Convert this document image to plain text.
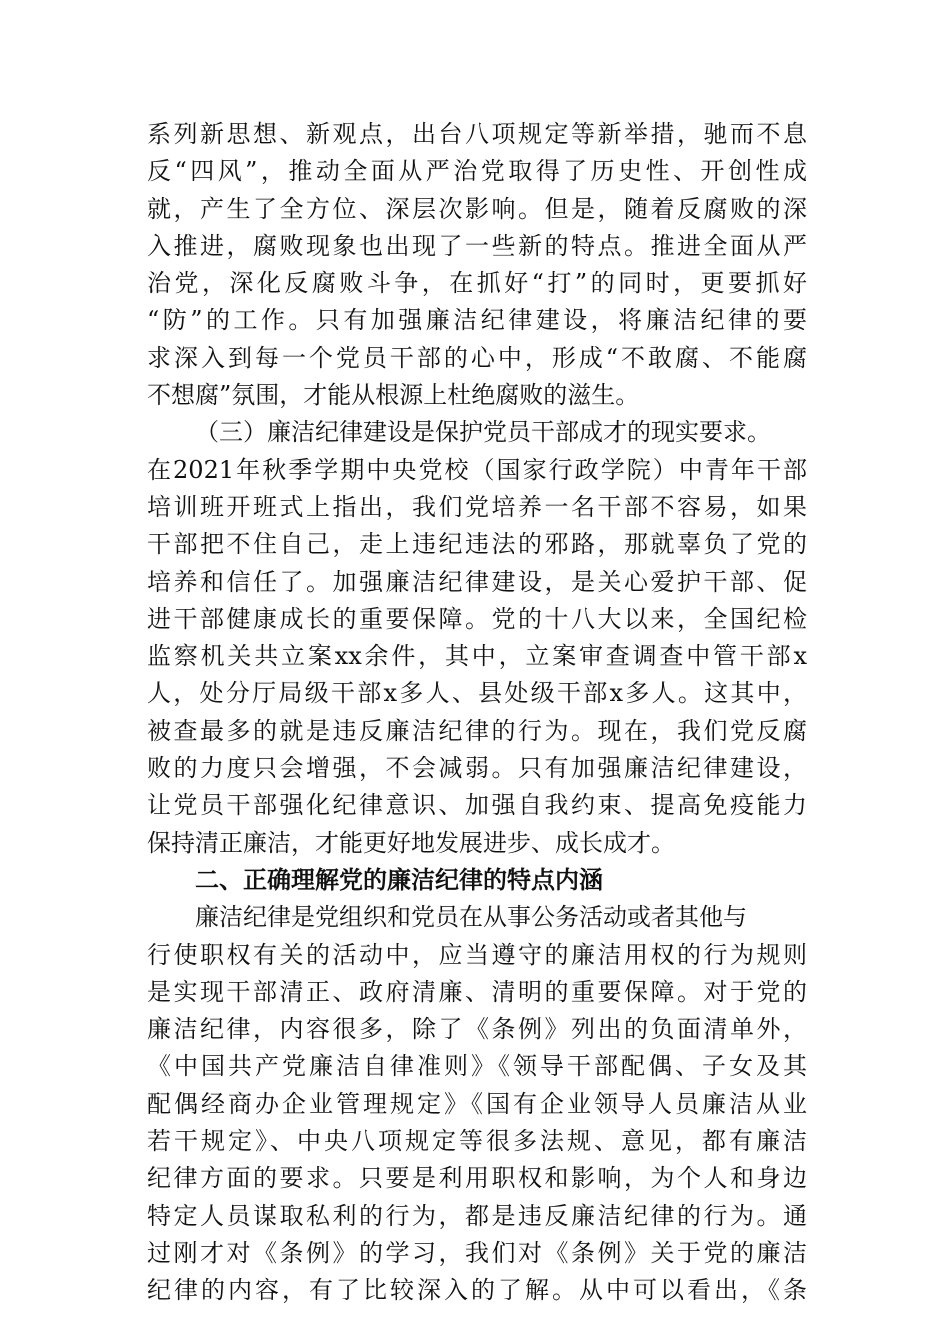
系列新思想、新观点，出台八项规定等新举措，驰而不息
反“四风”，推动全面从严治党取得了历史性、开创性成
就，产生了全方位、深层次影响。但是，随着反腐败的深
入推进，腐败现象也出现了一些新的特点。推进全面从严
治党，深化反腐败斗争，在抓好“打”的同时，更要抓好
“防”的工作。只有加强廉洁纪律建设，将廉洁纪律的要
求深入到每一个党员干部的心中，形成“不敢腐、不能腐
不想腐”氛围，才能从根源上杜绝腐败的滋生。
（三）廉洁纪律建设是保护党员干部成才的现实要求。
在2021年秋季学期中央党校（国家行政学院）中青年干部
培训班开班式上指出，我们党培养一名干部不容易，如果
干部把不住自己，走上违纪违法的邪路，那就辜负了党的
培养和信任了。加强廉洁纪律建设，是关心爱护干部、促
进干部健康成长的重要保障。党的十八大以来，全国纪检
监察机关共立案xx余件，其中，立案审查调查中管干部x
人，处分厅局级干部x多人、县处级干部x多人。这其中，
被查最多的就是违反廉洁纪律的行为。现在，我们党反腐
败的力度只会增强，不会减弱。只有加强廉洁纪律建设，
让党员干部强化纪律意识、加强自我约束、提高免疫能力
保持清正廉洁，才能更好地发展进步、成长成才。
二、正确理解党的廉洁纪律的特点内涵
廉洁纪律是党组织和党员在从事公务活动或者其他与
行使职权有关的活动中，应当遵守的廉洁用权的行为规则
是实现干部清正、政府清廉、清明的重要保障。对于党的
廉洁纪律，内容很多，除了《条例》列出的负面清单外，
《中国共产党廉洁自律准则》《领导干部配偶、子女及其
配偶经商办企业管理规定》《国有企业领导人员廉洁从业
若干规定》、中央八项规定等很多法规、意见，都有廉洁
纪律方面的要求。只要是利用职权和影响，为个人和身边
特定人员谋取私利的行为，都是违反廉洁纪律的行为。通
过刚才对《条例》的学习，我们对《条例》关于党的廉洁
纪律的内容，有了比较深入的了解。从中可以看出，《条
